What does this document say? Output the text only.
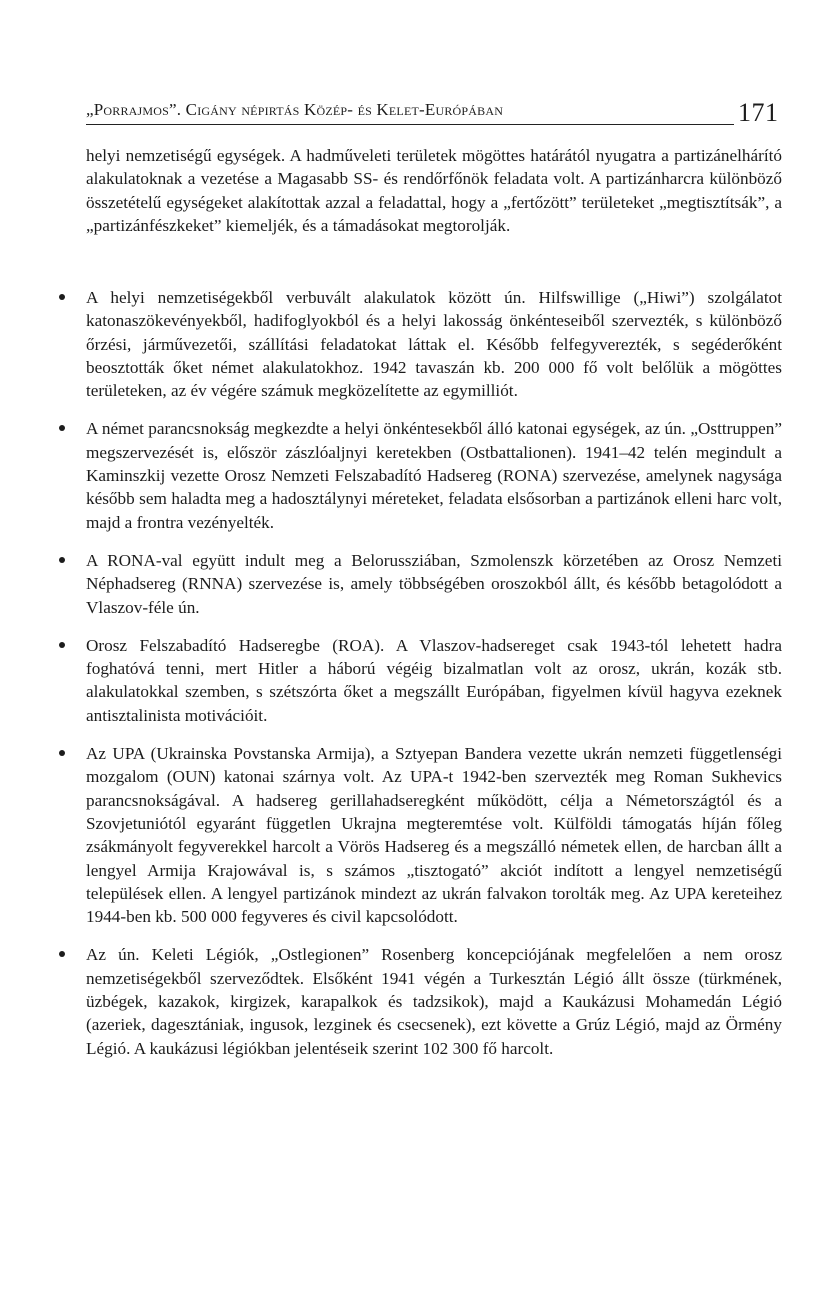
„Porrajmos”. Cigány népirtás Közép- és Kelet-Európában	171

helyi nemzetiségű egységek. A hadműveleti területek mögöttes határától nyugatra a partizánelhárító alakulatoknak a vezetése a Magasabb SS- és rendőrfőnök feladata volt. A partizánharcra különböző összetételű egységeket alakítottak azzal a feladattal, hogy a „fertőzött” területeket „megtisztítsák”, a „partizánfészkeket” kiemeljék, és a támadásokat megtorolják.

A helyi nemzetiségekből verbuvált alakulatok között ún. Hilfswillige („Hiwi”) szolgálatot katonaszökevényekből, hadifoglyokból és a helyi lakosság önkénteseiből szervezték, s különböző őrzési, járművezetői, szállítási feladatokat láttak el. Később felfegyverezték, s segéderőként beosztották őket német alakulatokhoz. 1942 tavaszán kb. 200 000 fő volt belőlük a mögöttes területeken, az év végére számuk megközelítette az egymilliót.
A német parancsnokság megkezdte a helyi önkéntesekből álló katonai egységek, az ún. „Osttruppen” megszervezését is, először zászlóaljnyi keretekben (Ostbattalionen). 1941–42 telén megindult a Kaminszkij vezette Orosz Nemzeti Felszabadító Hadsereg (RONA) szervezése, amelynek nagysága később sem haladta meg a hadosztálynyi méreteket, feladata elsősorban a partizánok elleni harc volt, majd a frontra vezényelték.
A RONA-val együtt indult meg a Belorussziában, Szmolenszk körzetében az Orosz Nemzeti Néphadsereg (RNNA) szervezése is, amely többségében oroszokból állt, és később betagolódott a Vlaszov-féle ún.
Orosz Felszabadító Hadseregbe (ROA). A Vlaszov-hadsereget csak 1943-tól lehetett hadra foghatóvá tenni, mert Hitler a háború végéig bizalmatlan volt az orosz, ukrán, kozák stb. alakulatokkal szemben, s szétszórta őket a megszállt Európában, figyelmen kívül hagyva ezeknek antisztalinista motivációit.
Az UPA (Ukrainska Povstanska Armija), a Sztyepan Bandera vezette ukrán nemzeti függetlenségi mozgalom (OUN) katonai szárnya volt. Az UPA-t 1942-ben szervezték meg Roman Sukhevics parancsnokságával. A hadsereg gerillahadseregként működött, célja a Németországtól és a Szovjetuniótól egyaránt független Ukrajna megteremtése volt. Külföldi támogatás híján főleg zsákmányolt fegyverekkel harcolt a Vörös Hadsereg és a megszálló németek ellen, de harcban állt a lengyel Armija Krajowával is, s számos „tisztogató” akciót indított a lengyel nemzetiségű települések ellen. A lengyel partizánok mindezt az ukrán falvakon torolták meg. Az UPA kereteihez 1944-ben kb. 500 000 fegyveres és civil kapcsolódott.
Az ún. Keleti Légiók, „Ostlegionen” Rosenberg koncepciójának megfelelően a nem orosz nemzetiségekből szerveződtek. Elsőként 1941 végén a Turkesztán Légió állt össze (türkmének, üzbégek, kazakok, kirgizek, karapalkok és tadzsikok), majd a Kaukázusi Mohamedán Légió (azeriek, dagesztániak, ingusok, lezginek és csecsenek), ezt követte a Grúz Légió, majd az Örmény Légió. A kaukázusi légiókban jelentéseik szerint 102 300 fő harcolt.
